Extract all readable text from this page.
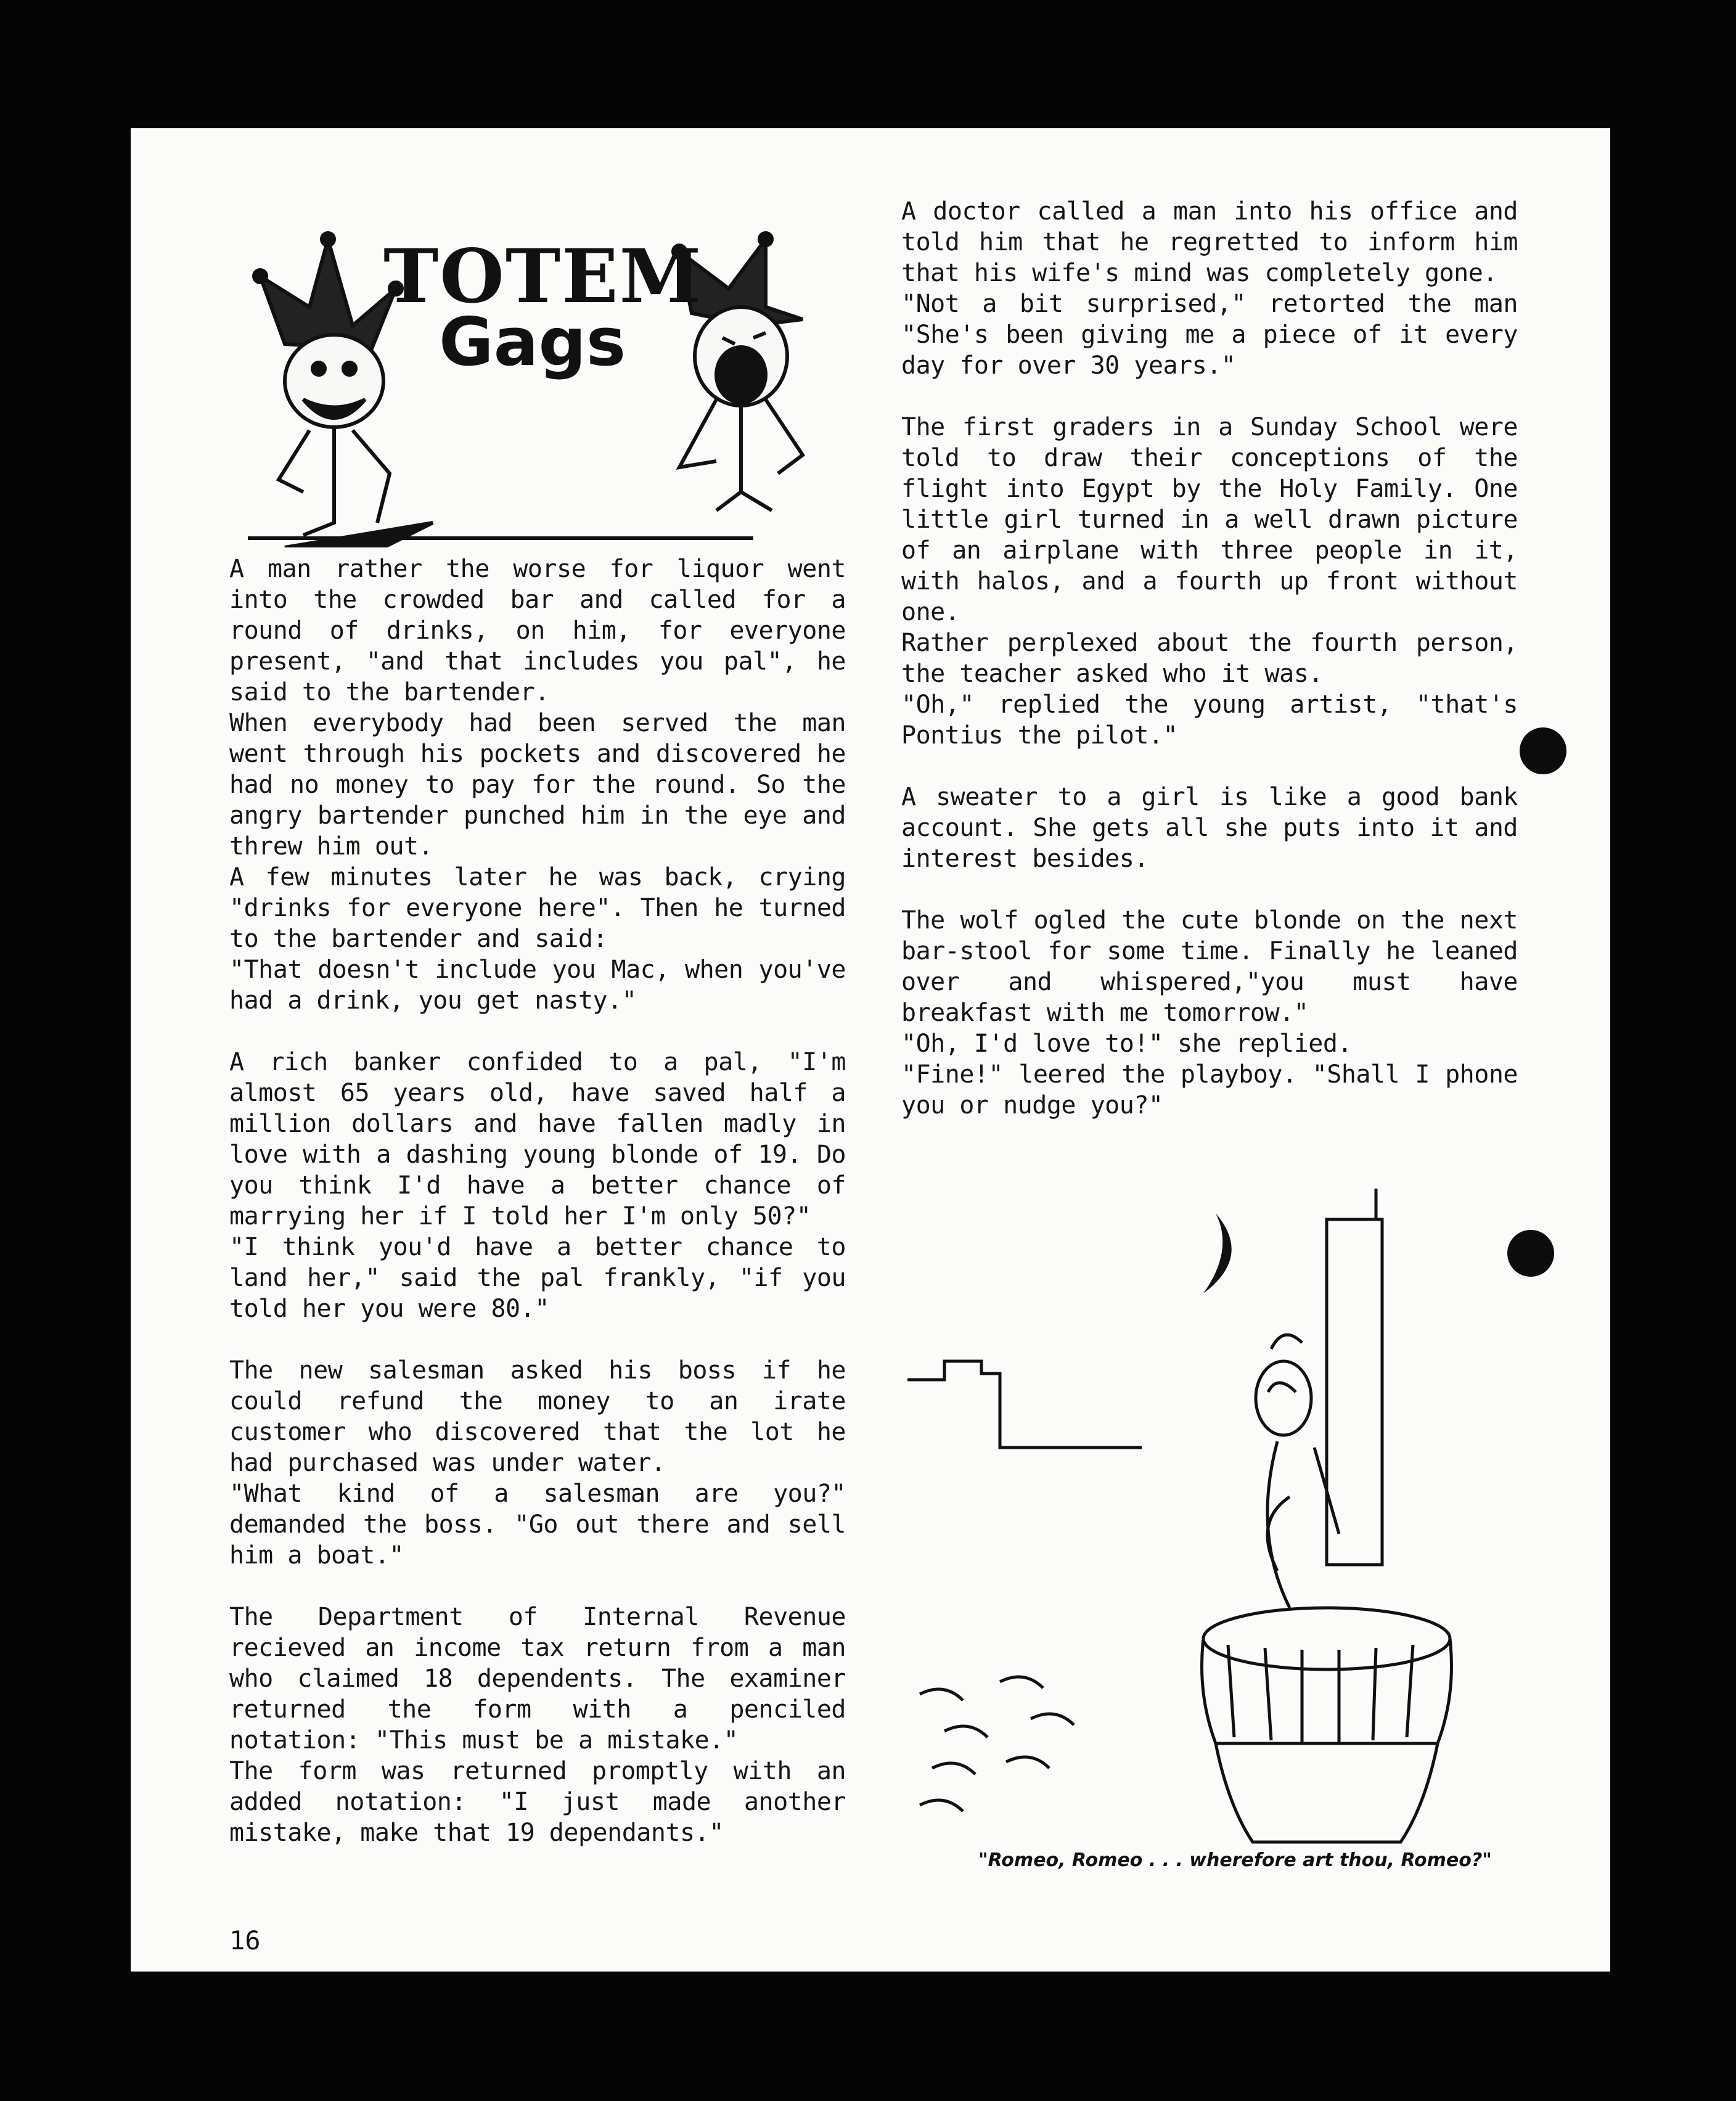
TOTEM
Gags

A man rather the worse for liquor went into the crowded bar and called for a round of drinks, on him, for everyone present, "and that includes you pal", he said to the bartender.

When everybody had been served the man went through his pockets and discovered he had no money to pay for the round. So the angry bartender punched him in the eye and threw him out.

A few minutes later he was back, crying "drinks for everyone here". Then he turned to the bartender and said:

"That doesn't include you Mac, when you've had a drink, you get nasty."

A rich banker confided to a pal, "I'm almost 65 years old, have saved half a million dollars and have fallen madly in love with a dashing young blonde of 19. Do you think I'd have a better chance of marrying her if I told her I'm only 50?"

"I think you'd have a better chance to land her," said the pal frankly, "if you told her you were 80."

The new salesman asked his boss if he could refund the money to an irate customer who discovered that the lot he had purchased was under water.

"What kind of a salesman are you?" demanded the boss. "Go out there and sell him a boat."

The Department of Internal Revenue recieved an income tax return from a man who claimed 18 dependents. The examiner returned the form with a penciled notation: "This must be a mistake."

The form was returned promptly with an added notation: "I just made another mistake, make that 19 dependants."

A doctor called a man into his office and told him that he regretted to inform him that his wife's mind was completely gone.

"Not a bit surprised," retorted the man "She's been giving me a piece of it every day for over 30 years."

The first graders in a Sunday School were told to draw their conceptions of the flight into Egypt by the Holy Family. One little girl turned in a well drawn picture of an airplane with three people in it, with halos, and a fourth up front without one.

Rather perplexed about the fourth person, the teacher asked who it was.

"Oh," replied the young artist, "that's Pontius the pilot."

A sweater to a girl is like a good bank account. She gets all she puts into it and interest besides.

The wolf ogled the cute blonde on the next bar-stool for some time. Finally he leaned over and whispered,"you must have breakfast with me tomorrow."

"Oh, I'd love to!" she replied.

"Fine!" leered the playboy. "Shall I phone you or nudge you?"

"Romeo, Romeo . . . wherefore art thou, Romeo?"
16
